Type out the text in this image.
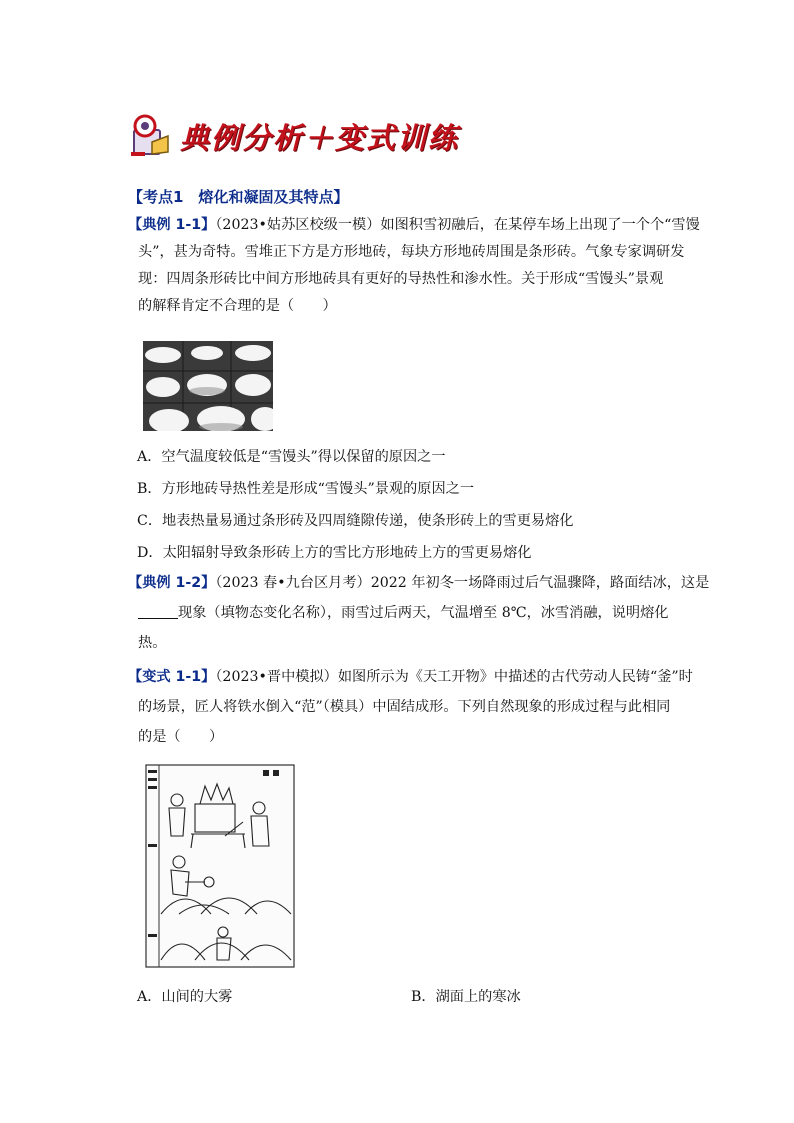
典例分析＋变式训练
【考点1　熔化和凝固及其特点】
【典例 1-1】（2023•姑苏区校级一模）如图积雪初融后，在某停车场上出现了一个个“雪馒
头”，甚为奇特。雪堆正下方是方形地砖，每块方形地砖周围是条形砖。气象专家调研发
现：四周条形砖比中间方形地砖具有更好的导热性和渗水性。关于形成“雪馒头”景观
的解释肯定不合理的是（　　）
A．空气温度较低是“雪馒头”得以保留的原因之一
B．方形地砖导热性差是形成“雪馒头”景观的原因之一
C．地表热量易通过条形砖及四周缝隙传递，使条形砖上的雪更易熔化
D．太阳辐射导致条形砖上方的雪比方形地砖上方的雪更易熔化
【典例 1-2】（2023 春•九台区月考）2022 年初冬一场降雨过后气温骤降，路面结冰，这是
现象（填物态变化名称），雨雪过后两天，气温增至 8℃，冰雪消融，说明熔化
热。
【变式 1-1】（2023•晋中模拟）如图所示为《天工开物》中描述的古代劳动人民铸“釜”时
的场景，匠人将铁水倒入“范”（模具）中固结成形。下列自然现象的形成过程与此相同
的是（　　）
A．山间的大雾	B．湖面上的寒冰
